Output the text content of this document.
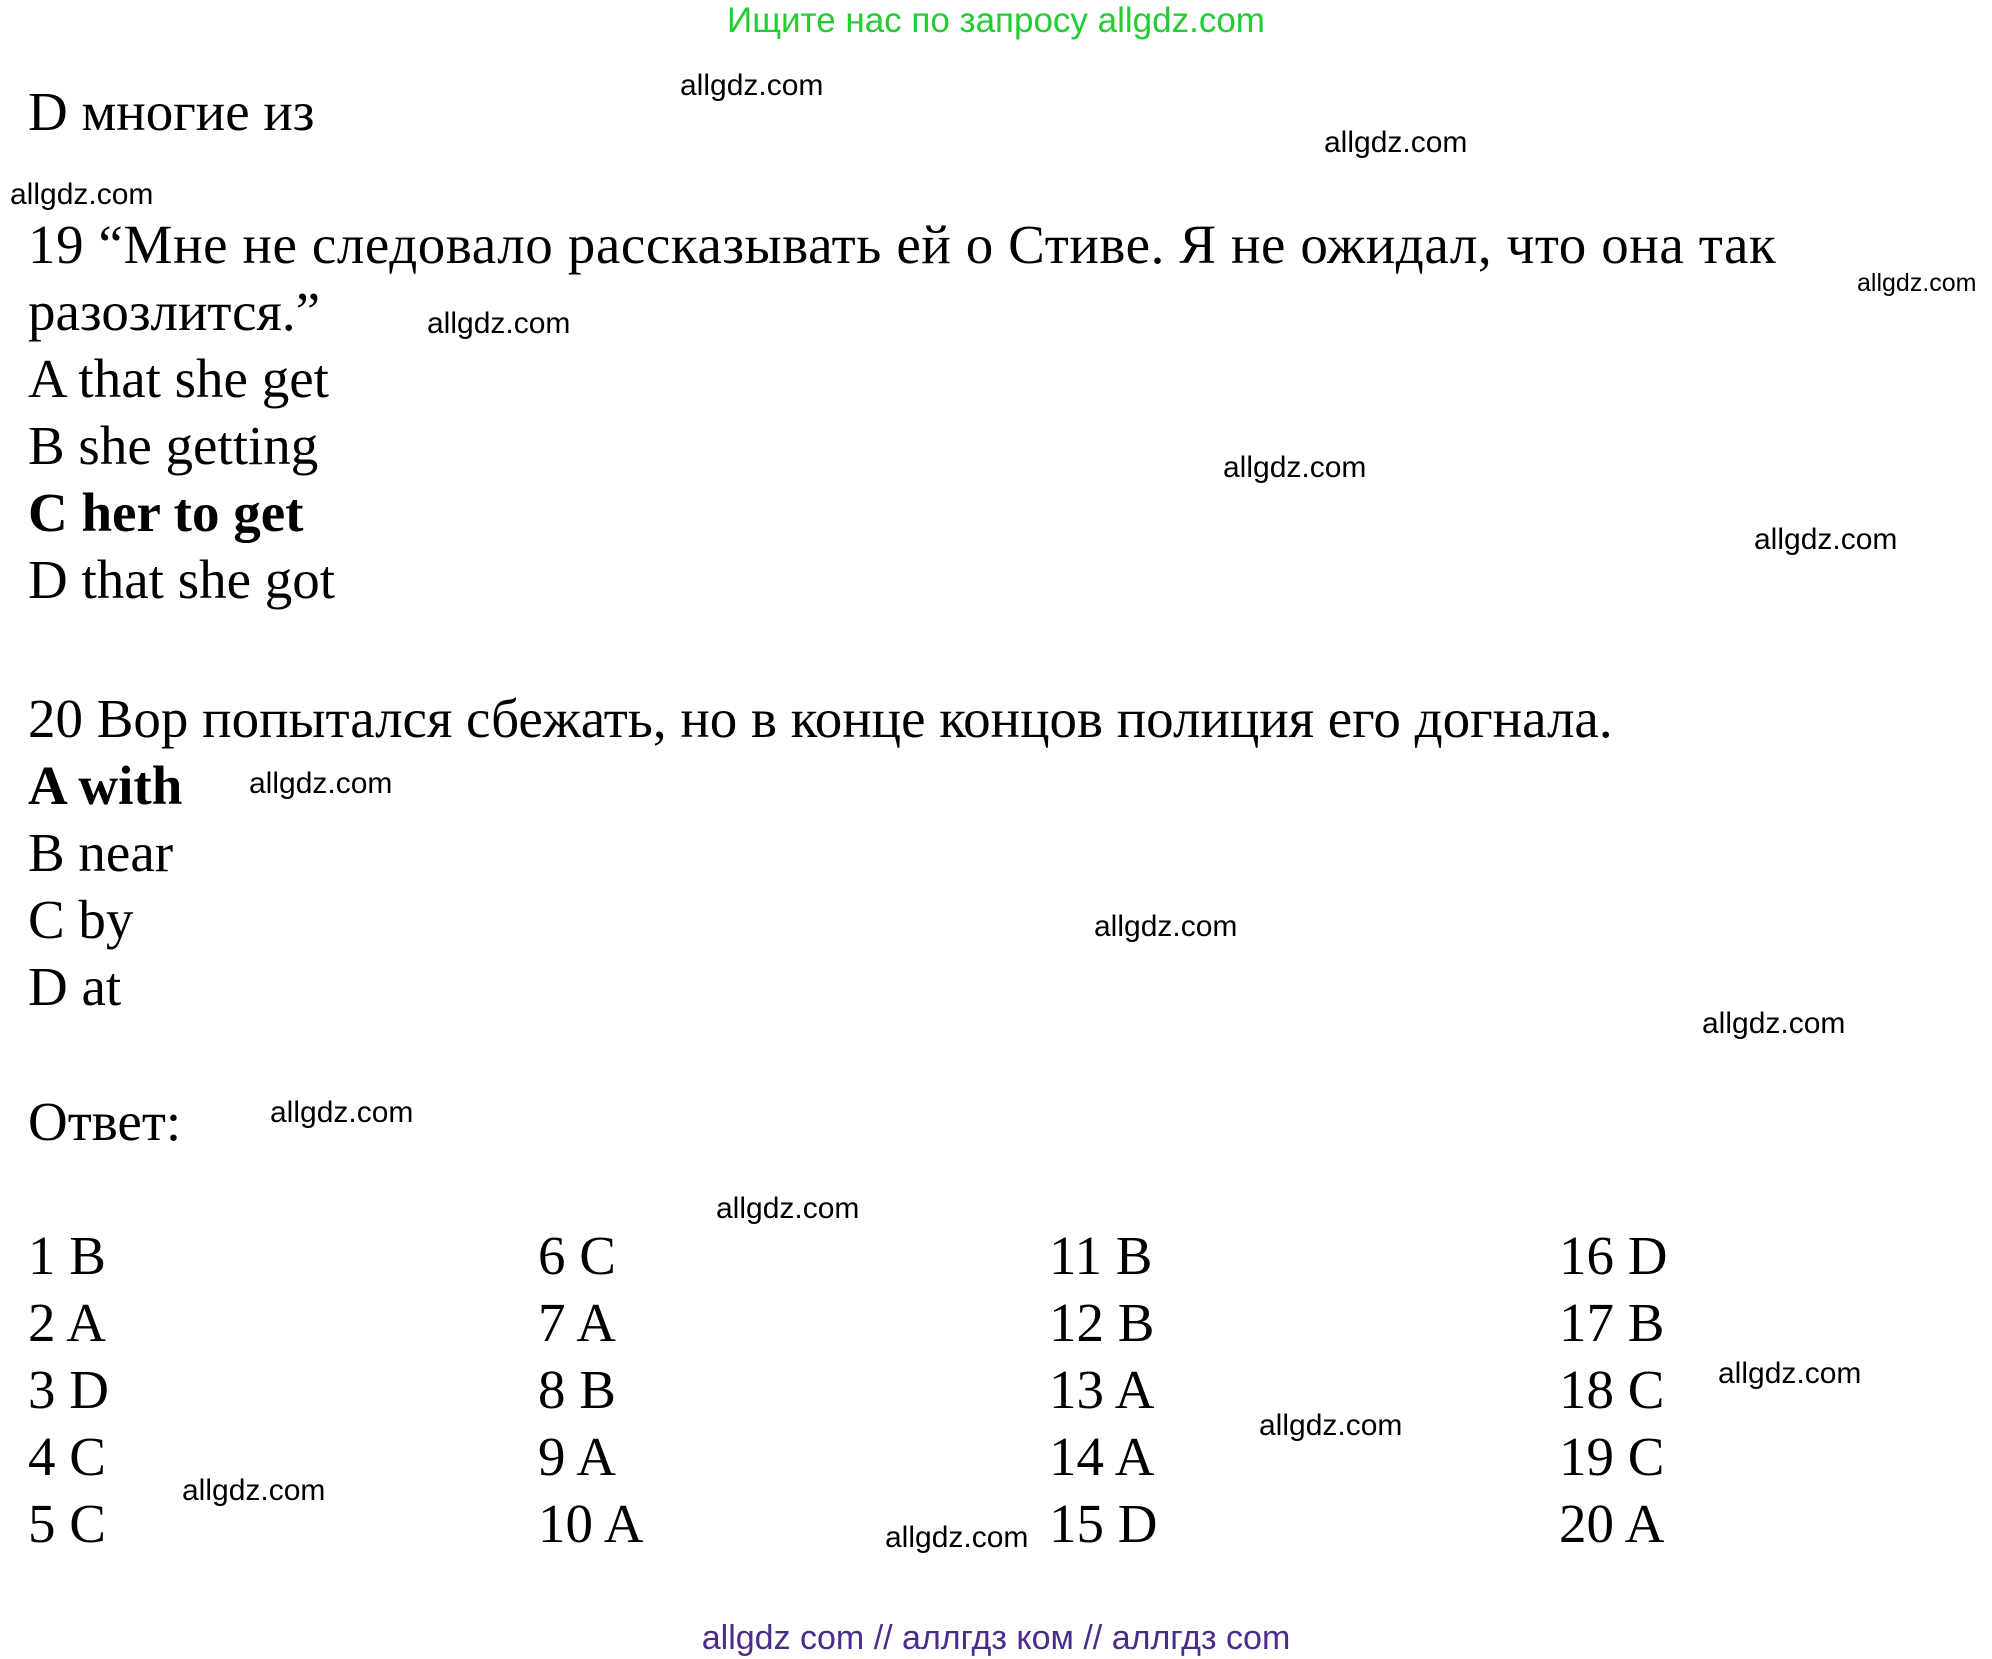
Ищите нас по запросу allgdz.com
D многие из
19 “Мне не следовало рассказывать ей о Стиве. Я не ожидал, что она так
разозлится.”
A that she get
B she getting
C her to get
D that she got
20 Вор попытался сбежать, но в конце концов полиция его догнала.
A with
B near
C by
D at
Ответ:
1 B
2 A
3 D
4 C
5 C
6 C
7 A
8 B
9 A
10 A
11 B
12 B
13 A
14 A
15 D
16 D
17 B
18 C
19 C
20 A
allgdz.com
allgdz.com
allgdz.com
allgdz.com
allgdz.com
allgdz.com
allgdz.com
allgdz.com
allgdz.com
allgdz.com
allgdz.com
allgdz.com
allgdz.com
allgdz.com
allgdz.com
allgdz.com
allgdz com // аллгдз ком // аллгдз com
